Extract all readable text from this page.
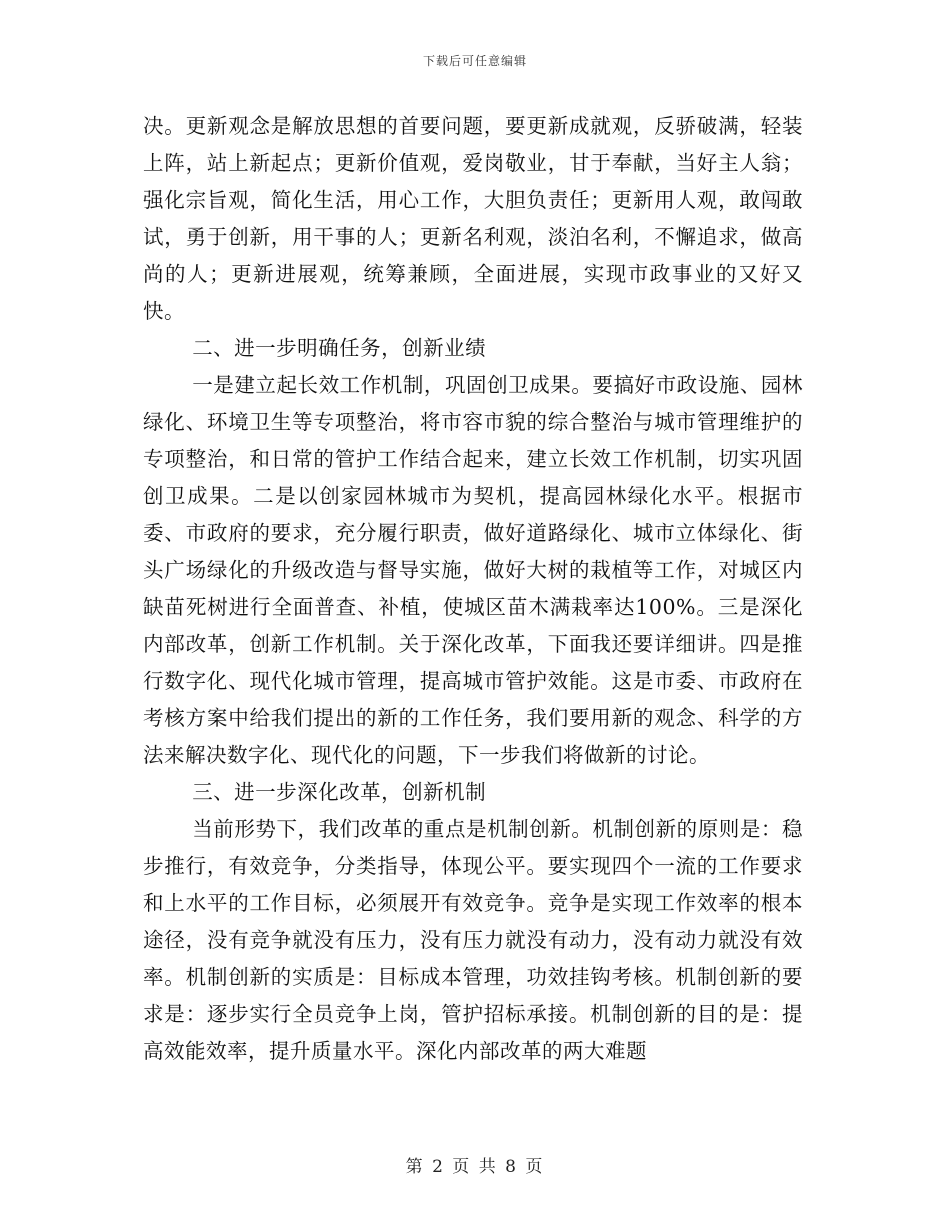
下载后可任意编辑

决。更新观念是解放思想的首要问题，要更新成就观，反骄破满，轻装上阵，站上新起点；更新价值观，爱岗敬业，甘于奉献，当好主人翁；强化宗旨观，简化生活，用心工作，大胆负责任；更新用人观，敢闯敢试，勇于创新，用干事的人；更新名利观，淡泊名利，不懈追求，做高尚的人；更新进展观，统筹兼顾，全面进展，实现市政事业的又好又快。

二、进一步明确任务，创新业绩

一是建立起长效工作机制，巩固创卫成果。要搞好市政设施、园林绿化、环境卫生等专项整治，将市容市貌的综合整治与城市管理维护的专项整治，和日常的管护工作结合起来，建立长效工作机制，切实巩固创卫成果。二是以创家园林城市为契机，提高园林绿化水平。根据市委、市政府的要求，充分履行职责，做好道路绿化、城市立体绿化、街头广场绿化的升级改造与督导实施，做好大树的栽植等工作，对城区内缺苗死树进行全面普查、补植，使城区苗木满栽率达100%。三是深化内部改革，创新工作机制。关于深化改革，下面我还要详细讲。四是推行数字化、现代化城市管理，提高城市管护效能。这是市委、市政府在考核方案中给我们提出的新的工作任务，我们要用新的观念、科学的方法来解决数字化、现代化的问题，下一步我们将做新的讨论。

三、进一步深化改革，创新机制

当前形势下，我们改革的重点是机制创新。机制创新的原则是：稳步推行，有效竞争，分类指导，体现公平。要实现四个一流的工作要求和上水平的工作目标，必须展开有效竞争。竞争是实现工作效率的根本途径，没有竞争就没有压力，没有压力就没有动力，没有动力就没有效率。机制创新的实质是：目标成本管理，功效挂钩考核。机制创新的要求是：逐步实行全员竞争上岗，管护招标承接。机制创新的目的是：提高效能效率，提升质量水平。深化内部改革的两大难题

第 2 页 共 8 页
